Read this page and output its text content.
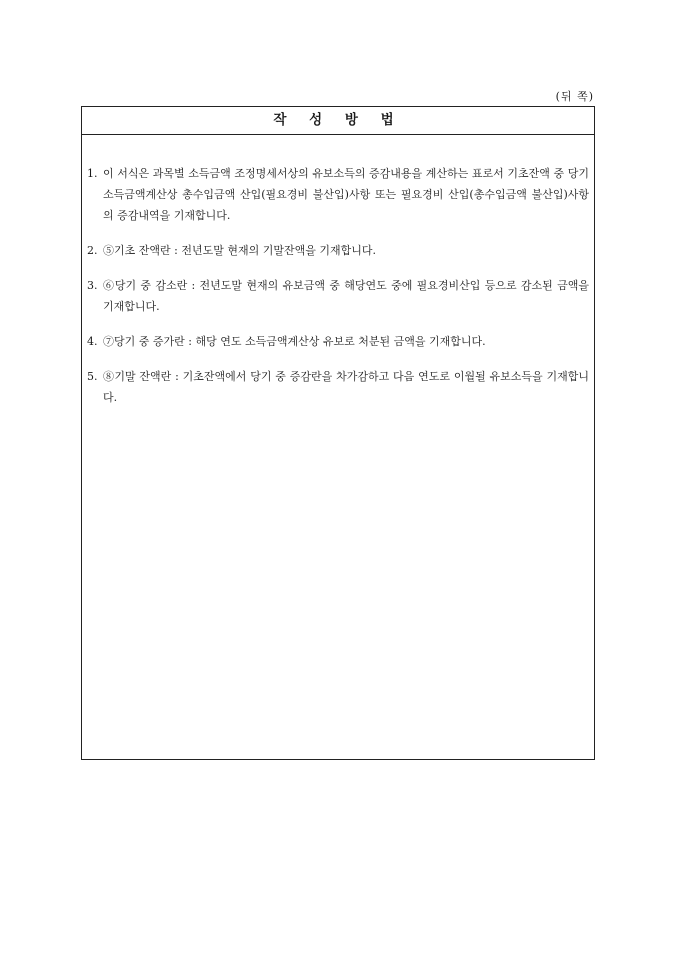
(뒤 쪽)
작 성 방 법
1. 이 서식은 과목별 소득금액 조정명세서상의 유보소득의 증감내용을 계산하는 표로서 기초잔액 중 당기소득금액계산상 총수입금액 산입(필요경비 불산입)사항 또는 필요경비 산입(총수입금액 불산입)사항의 증감내역을 기재합니다.
2. ⑤기초 잔액란 : 전년도말 현재의 기말잔액을 기재합니다.
3. ⑥당기 중 감소란 : 전년도말 현재의 유보금액 중 해당연도 중에 필요경비산입 등으로 감소된 금액을 기재합니다.
4. ⑦당기 중 증가란 : 해당 연도 소득금액계산상 유보로 처분된 금액을 기재합니다.
5. ⑧기말 잔액란 : 기초잔액에서 당기 중 증감란을 차가감하고 다음 연도로 이월될 유보소득을 기재합니다.
